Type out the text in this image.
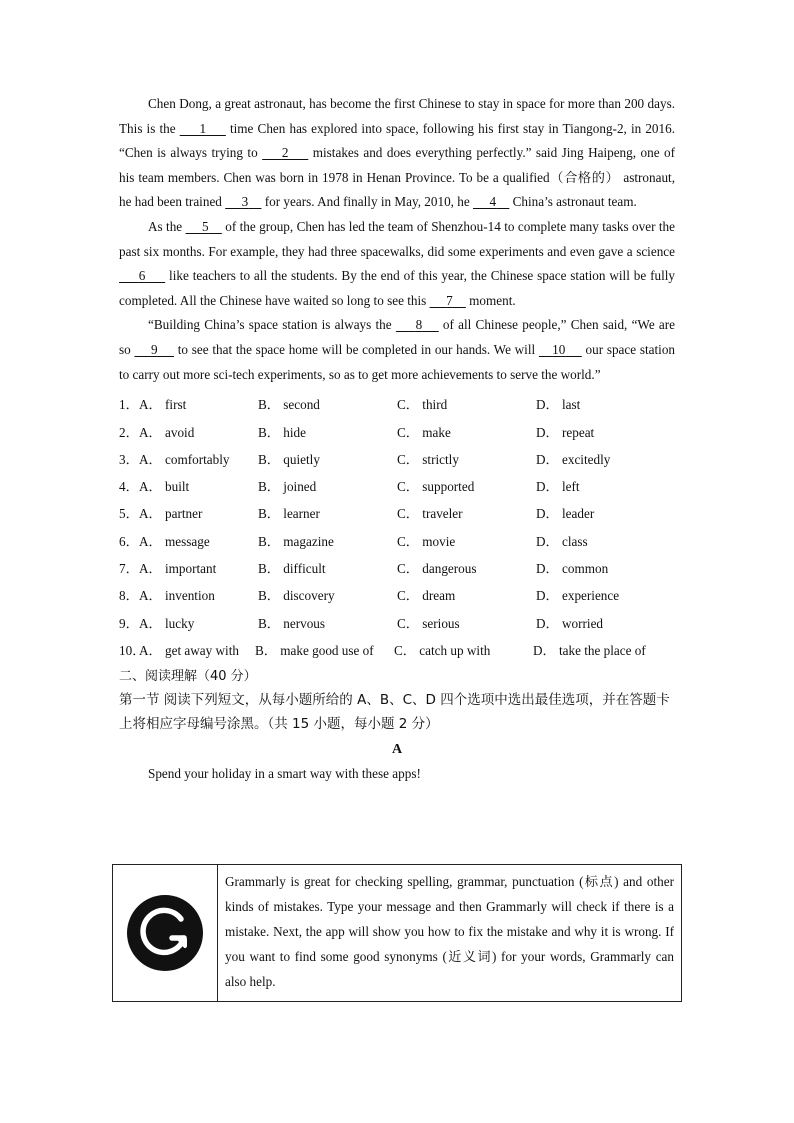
Chen Dong, a great astronaut, has become the first Chinese to stay in space for more than 200 days. This is the       1       time Chen has explored into space, following his first stay in Tiangong-2, in 2016. “Chen is always trying to       2       mistakes and does everything perfectly.” said Jing Haipeng, one of his team members. Chen was born in 1978 in Henan Province. To be a qualified（合格的） astronaut, he had been trained      3     for years. And finally in May, 2010, he      4     China’s astronaut team.

As the      5     of the group, Chen has led the team of Shenzhou-14 to complete many tasks over the past six months. For example, they had three spacewalks, did some experiments and even gave a science       6       like teachers to all the students. By the end of this year, the Chinese space station will be fully completed. All the Chinese have waited so long to see this      7     moment.

“Building China’s space station is always the       8      of all Chinese people,” Chen said, “We are so      9      to see that the space home will be completed in our hands. We will     10      our space station to carry out more sci-tech experiments, so as to get more achievements to serve the world.”

1． A． first	B． second	C． third	D． last
2． A． avoid	B． hide	C． make	D． repeat
3． A． comfortably	B． quietly	C． strictly	D． excitedly
4． A． built	B． joined	C． supported	D． left
5． A． partner	B． learner	C． traveler	D． leader
6． A． message	B． magazine	C． movie	D． class
7． A． important	B． difficult	C． dangerous	D． common
8． A． invention	B． discovery	C． dream	D． experience
9． A． lucky	B． nervous	C． serious	D． worried
10．
A． get away with	B． make good use of	C． catch up with	D． take the place of
二、阅读理解（40 分）

第一节 阅读下列短文，从每小题所给的 A、B、C、D 四个选项中选出最佳选项，并在答题卡上将相应字母编号涂黑。（共 15 小题，每小题 2 分）

A

Spend your holiday in a smart way with these apps!

Grammarly is great for checking spelling, grammar, punctuation (标点) and other kinds of mistakes. Type your message and then Grammarly will check if there is a mistake. Next, the app will show you how to fix the mistake and why it is wrong. If you want to find some good synonyms (近义词) for your words, Grammarly can also help.
